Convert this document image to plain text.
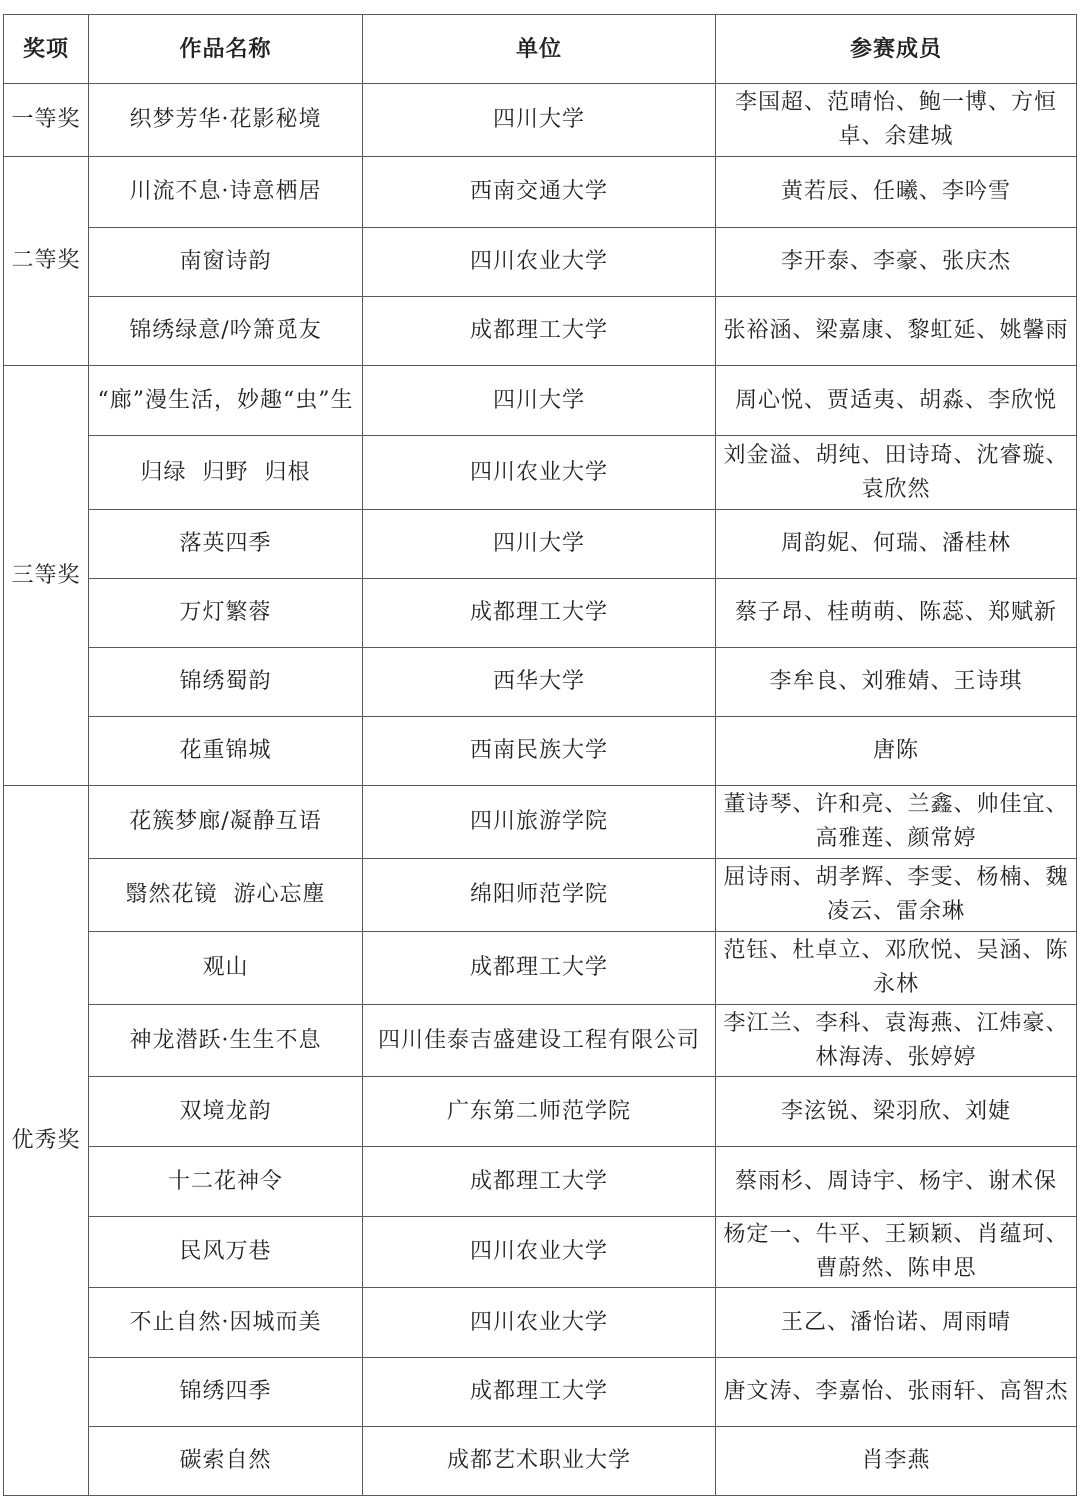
奖项	作品名称	单位	参赛成员
一等奖	织梦芳华·花影秘境	四川大学	李国超、范晴怡、鲍一博、方恒卓、余建城
二等奖	川流不息·诗意栖居	西南交通大学	黄若辰、任曦、李吟雪
	南窗诗韵	四川农业大学	李开泰、李豪、张庆杰
	锦绣绿意/吟箫觅友	成都理工大学	张裕涵、梁嘉康、黎虹延、姚馨雨
三等奖	“廊”漫生活，妙趣“虫”生	四川大学	周心悦、贾适夷、胡淼、李欣悦
	归绿  归野  归根	四川农业大学	刘金溢、胡纯、田诗琦、沈睿璇、袁欣然
	落英四季	四川大学	周韵妮、何瑞、潘桂林
	万灯繁蓉	成都理工大学	蔡子昂、桂萌萌、陈蕊、郑赋新
	锦绣蜀韵	西华大学	李牟良、刘雅婧、王诗琪
	花重锦城	西南民族大学	唐陈
优秀奖	花簇梦廊/凝静互语	四川旅游学院	董诗琴、许和亮、兰鑫、帅佳宜、高雅莲、颜常婷
	翳然花镜  游心忘塵	绵阳师范学院	屈诗雨、胡孝辉、李雯、杨楠、魏凌云、雷余琳
	观山	成都理工大学	范钰、杜卓立、邓欣悦、吴涵、陈永林
	神龙潜跃·生生不息	四川佳泰吉盛建设工程有限公司	李江兰、李科、袁海燕、江炜豪、林海涛、张婷婷
	双境龙韵	广东第二师范学院	李泫锐、梁羽欣、刘婕
	十二花神令	成都理工大学	蔡雨杉、周诗宇、杨宇、谢术保
	民风万巷	四川农业大学	杨定一、牛平、王颖颖、肖蕴珂、曹蔚然、陈申思
	不止自然·因城而美	四川农业大学	王乙、潘怡诺、周雨晴
	锦绣四季	成都理工大学	唐文涛、李嘉怡、张雨轩、高智杰
	碳索自然	成都艺术职业大学	肖李燕
